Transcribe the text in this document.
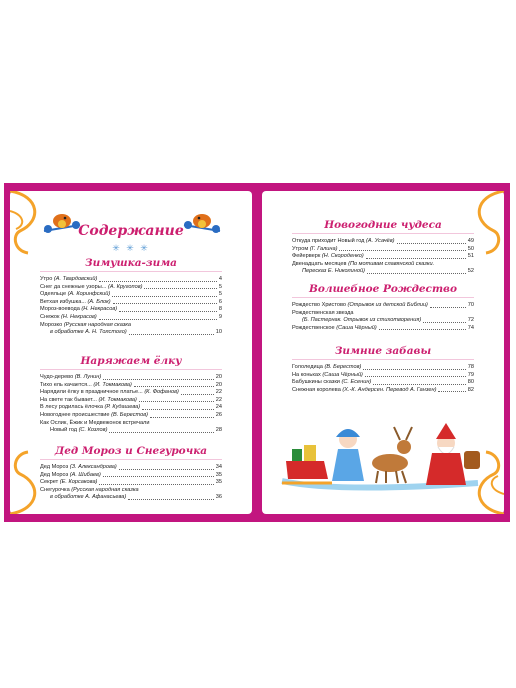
Содержание
✳ ✳ ✳
Зимушка-зима
Утро (А. Твардовский)	4
Снег да снежные узоры... (А. Кругопов)	5
Одеяльце (А. Коринфский)	5
Ветхая избушка... (А. Блок)	6
Мороз-воевода (Н. Некрасов)	8
Снежок (Н. Некрасов)	9
Морозко (Русская народная сказка
в обработке А. Н. Толстого)	10
Наряжаем ёлку
Чудо-дерево (В. Лунин)	20
Тихо ель качается... (И. Токмакова)	20
Нарядили ёлку в праздничное платье... (К. Фофанов)	22
На свете так бывает... (И. Токмакова)	22
В лесу родилась ёлочка (Р. Кудашева)	24
Новогоднее происшествие (В. Берестов)	26
Как Ослик, Ёжик и Медвежонок встречали
Новый год (С. Козлов)	28
Дед Мороз и Снегурочка
Дед Мороз (З. Александрова)	34
Дед Мороз (А. Шибаев)	35
Секрет (Е. Корсакова)	35
Снегурочка (Русская народная сказка
в обработке А. Афанасьева)	36
Новогодние чудеса
Откуда приходит Новый год (А. Усачёв)	49
Утром (Г. Галина)	50
Фейерверк (Н. Скороденко)	51
Двенадцать месяцев (По мотивам славянской сказки.
Пересказ Е. Николиной)	52
Волшебное Рождество
Рождество Христово (Отрывок из детской Библии)	70
Рождественская звезда
(Б. Пастернак. Отрывок из стихотворения)	72
Рождественское (Саша Чёрный)	74
Зимние забавы
Гололедица (В. Берестов)	78
На коньках (Саша Чёрный)	79
Бабушкины сказки (С. Есенин)	80
Снежная королева (Х.-К. Андерсен. Перевод А. Ганзен)	82
